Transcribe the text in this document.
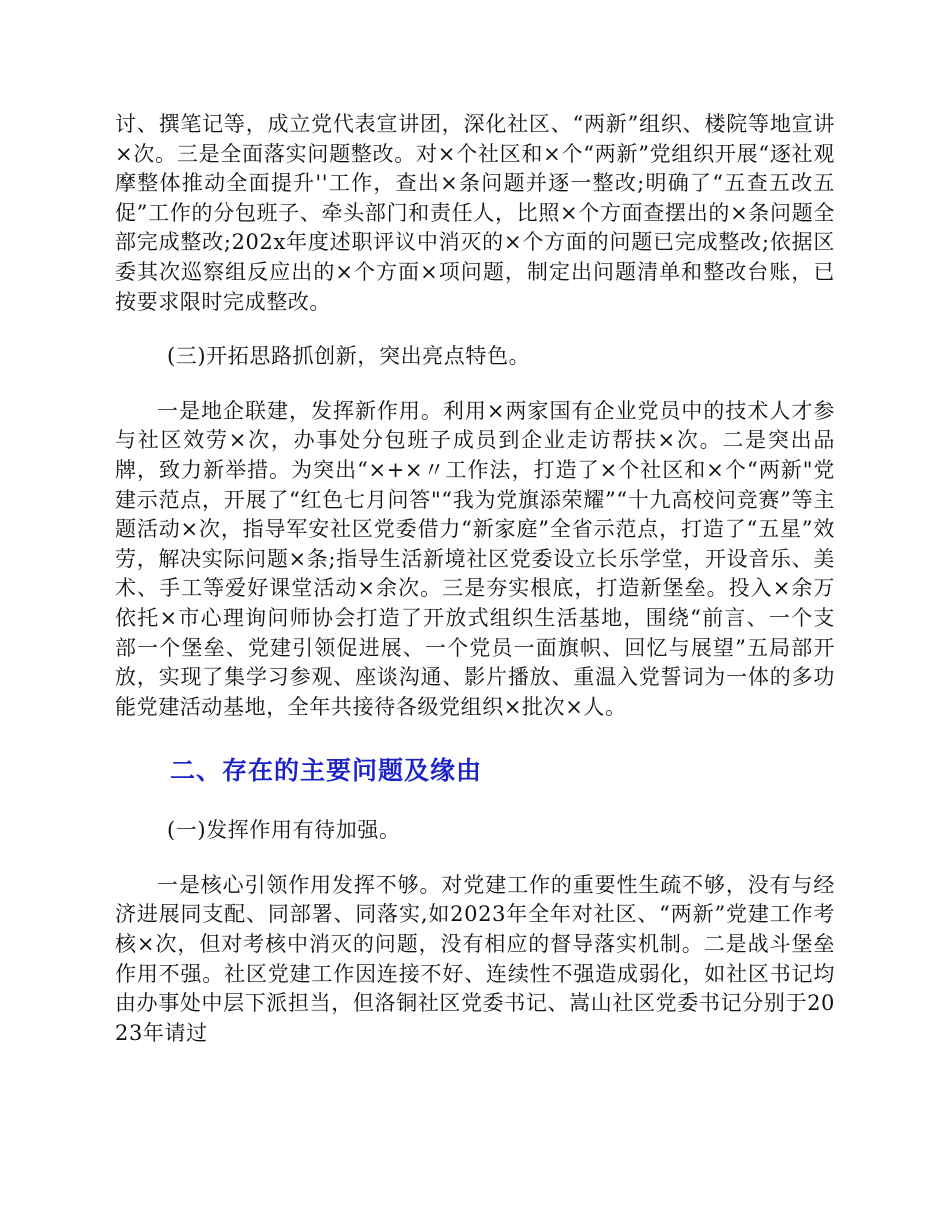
讨、撰笔记等，成立党代表宣讲团，深化社区、“两新”组织、楼院等地宣讲×次。三是全面落实问题整改。对×个社区和×个“两新”党组织开展“逐社观摩整体推动全面提升''工作，查出×条问题并逐一整改;明确了“五查五改五促”工作的分包班子、牵头部门和责任人，比照×个方面查摆出的×条问题全部完成整改;202x年度述职评议中消灭的×个方面的问题已完成整改;依据区委其次巡察组反应出的×个方面×项问题，制定出问题清单和整改台账，已按要求限时完成整改。

(三)开拓思路抓创新，突出亮点特色。

一是地企联建，发挥新作用。利用×两家国有企业党员中的技术人才参与社区效劳×次，办事处分包班子成员到企业走访帮扶×次。二是突出品牌，致力新举措。为突出“×+×〃工作法，打造了×个社区和×个“两新"党建示范点，开展了“红色七月问答"“我为党旗添荣耀”“十九高校问竞赛”等主题活动×次，指导军安社区党委借力“新家庭”全省示范点，打造了“五星”效劳，解决实际问题×条;指导生活新境社区党委设立长乐学堂，开设音乐、美术、手工等爱好课堂活动×余次。三是夯实根底，打造新堡垒。投入×余万依托×市心理询问师协会打造了开放式组织生活基地，围绕“前言、一个支部一个堡垒、党建引领促进展、一个党员一面旗帜、回忆与展望”五局部开放，实现了集学习参观、座谈沟通、影片播放、重温入党誓词为一体的多功能党建活动基地，全年共接待各级党组织×批次×人。

二、存在的主要问题及缘由

(一)发挥作用有待加强。

一是核心引领作用发挥不够。对党建工作的重要性生疏不够，没有与经济进展同支配、同部署、同落实,如2023年全年对社区、“两新”党建工作考核×次，但对考核中消灭的问题，没有相应的督导落实机制。二是战斗堡垒作用不强。社区党建工作因连接不好、连续性不强造成弱化，如社区书记均由办事处中层下派担当，但洛铜社区党委书记、嵩山社区党委书记分别于2023年请过
